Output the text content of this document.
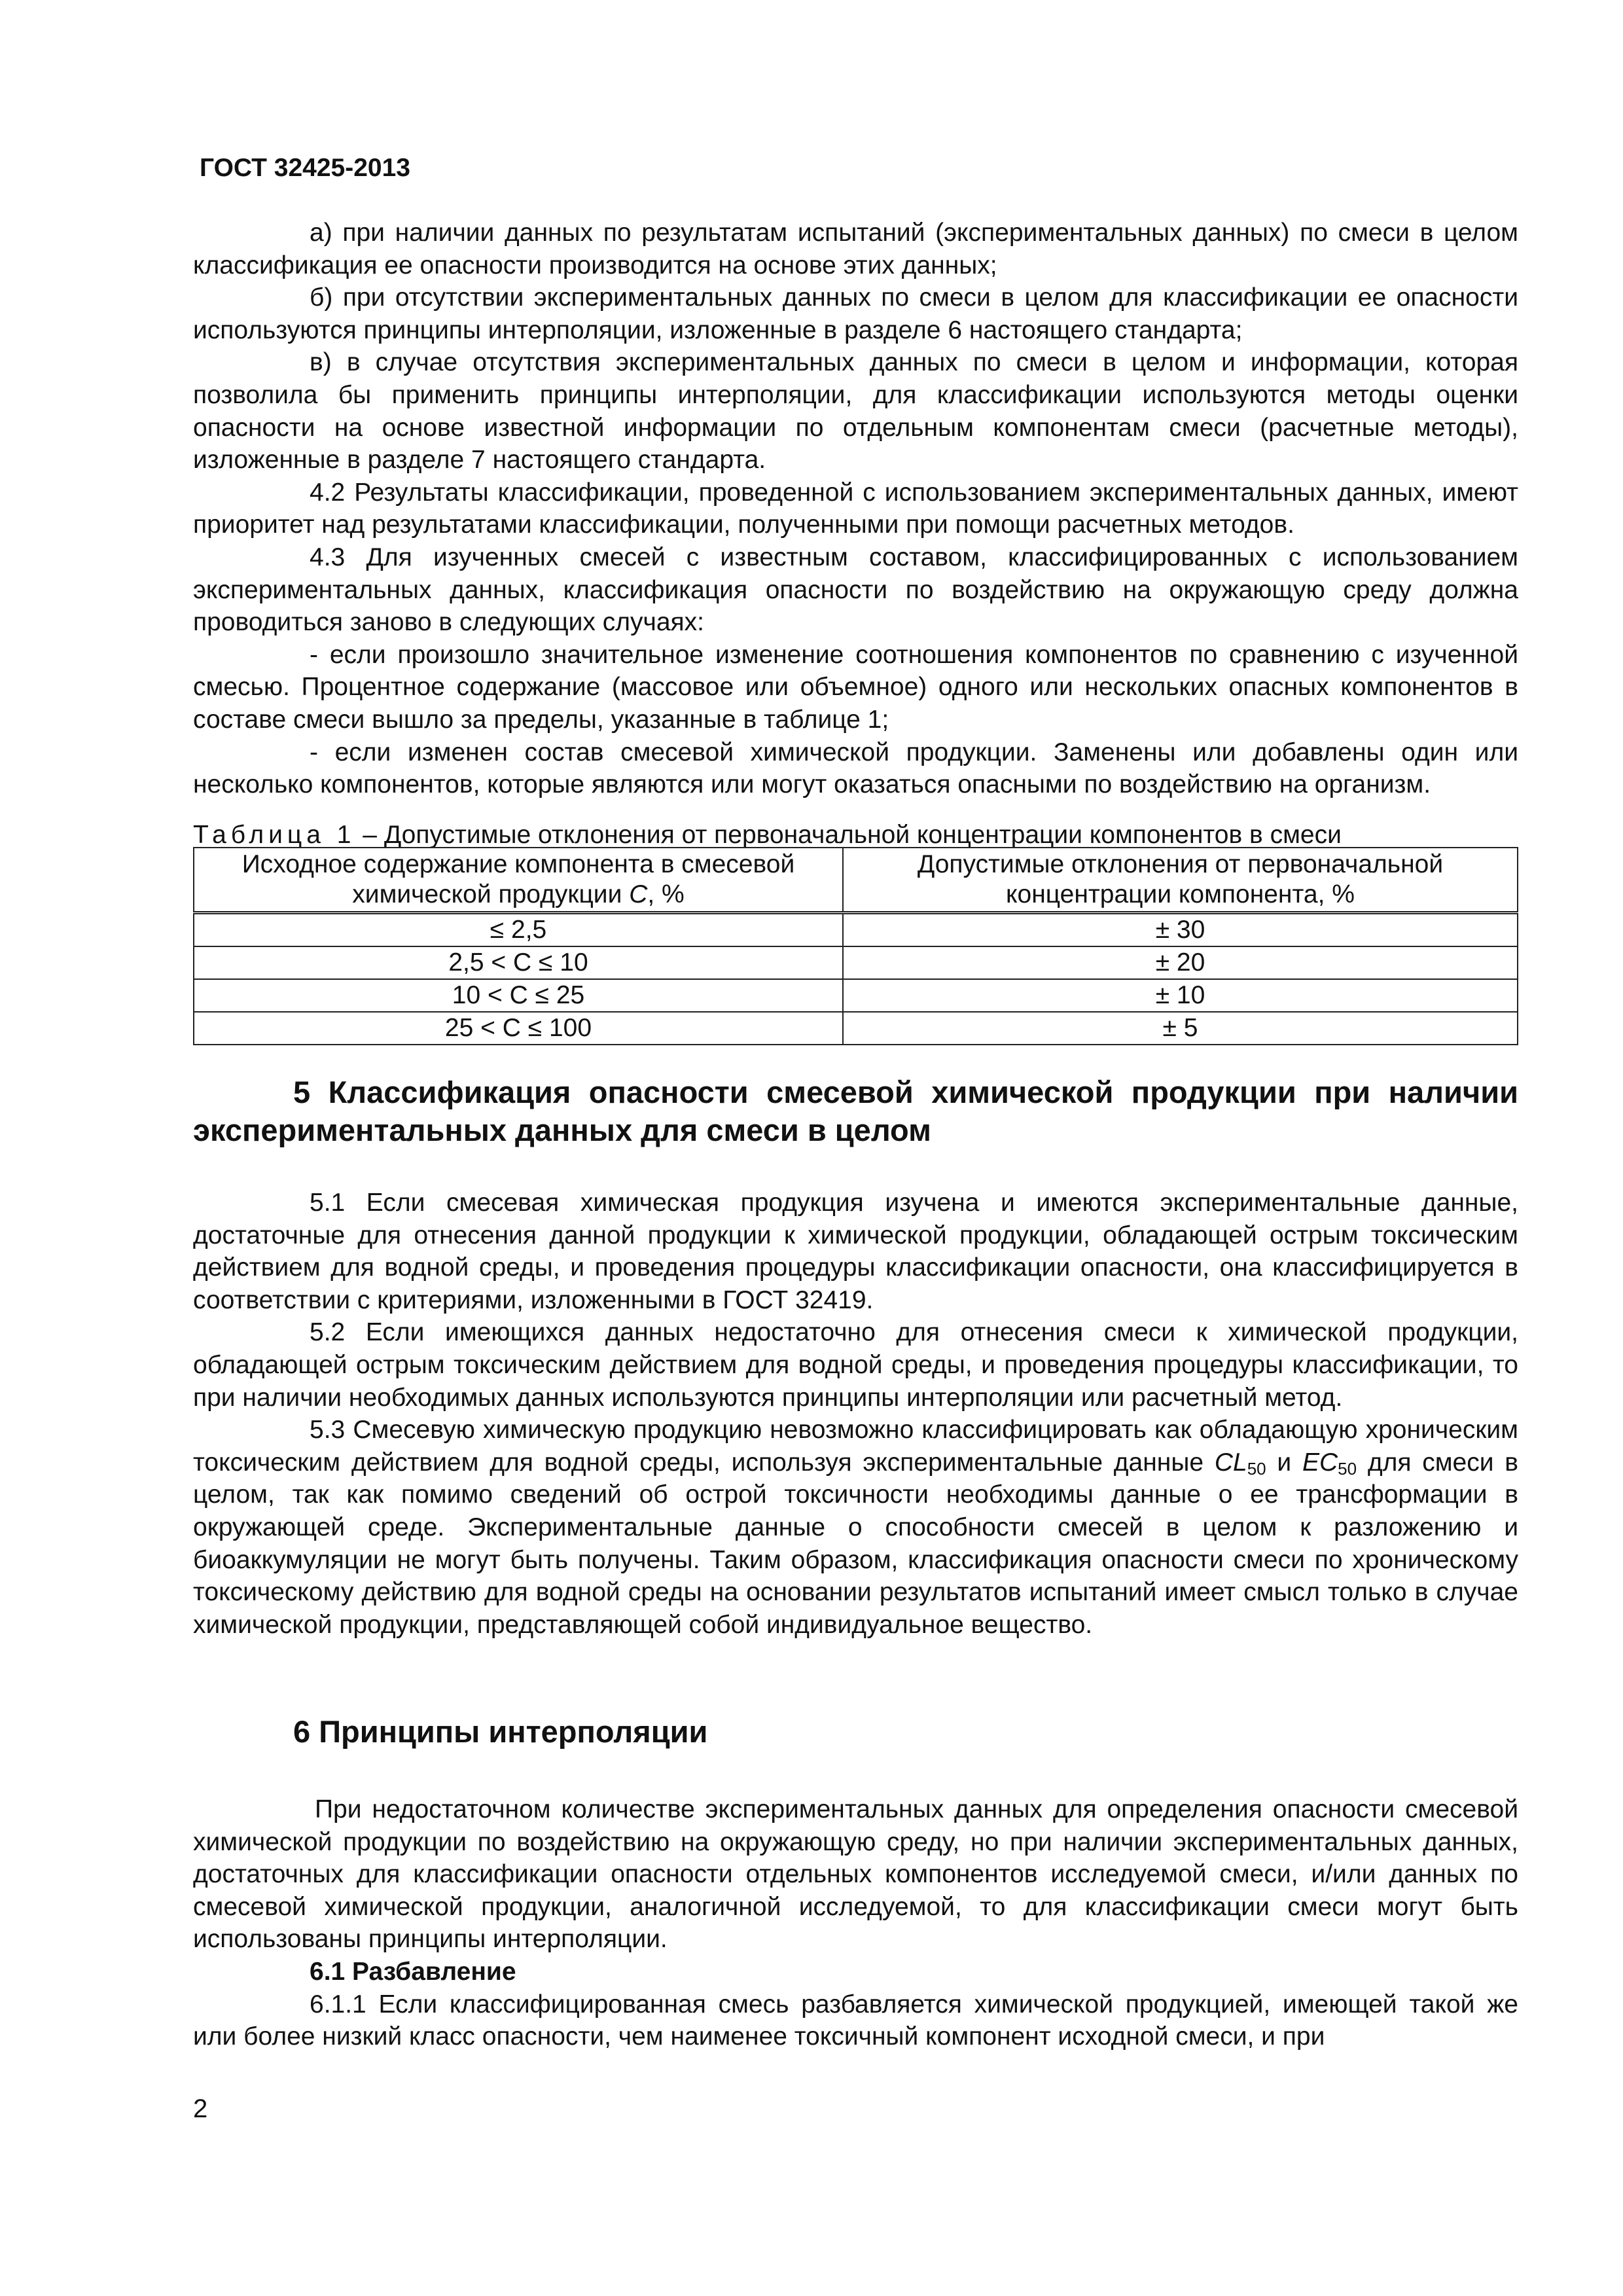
ГОСТ 32425-2013

а) при наличии данных по результатам испытаний (экспериментальных данных) по смеси в целом классификация ее опасности производится на основе этих данных;

б) при отсутствии экспериментальных данных по смеси в целом для классификации ее опасности используются принципы интерполяции, изложенные в разделе 6 настоящего стандарта;

в) в случае отсутствия экспериментальных данных по смеси в целом и информации, которая позволила бы применить принципы интерполяции, для классификации используются методы оценки опасности на основе известной информации по отдельным компонентам смеси (расчетные методы), изложенные в разделе 7 настоящего стандарта.

4.2 Результаты классификации, проведенной с использованием экспериментальных данных, имеют приоритет над результатами классификации, полученными при помощи расчетных методов.

4.3 Для изученных смесей с известным составом, классифицированных с использованием экспериментальных данных, классификация опасности по воздействию на окружающую среду должна проводиться заново в следующих случаях:

- если произошло значительное изменение соотношения компонентов по сравнению с изученной смесью. Процентное содержание (массовое или объемное) одного или нескольких опасных компонентов в составе смеси вышло за пределы, указанные в таблице 1;

- если изменен состав смесевой химической продукции. Заменены или добавлены один или несколько компонентов, которые являются или могут оказаться опасными по воздействию на организм.

Таблица 1 – Допустимые отклонения от первоначальной концентрации компонентов в смеси
Исходное содержание компонента в смесевой химической продукции С, %	Допустимые отклонения от первоначальной концентрации компонента, %
≤ 2,5	± 30
2,5 < C ≤ 10	± 20
10 < C ≤ 25	± 10
25 < C ≤ 100	± 5

5 Классификация опасности смесевой химической продукции при наличии экспериментальных данных для смеси в целом

5.1 Если смесевая химическая продукция изучена и имеются экспериментальные данные, достаточные для отнесения данной продукции к химической продукции, обладающей острым токсическим действием для водной среды, и проведения процедуры классификации опасности, она классифицируется в соответствии с критериями, изложенными в ГОСТ 32419.

5.2 Если имеющихся данных недостаточно для отнесения смеси к химической продукции, обладающей острым токсическим действием для водной среды, и проведения процедуры классификации, то при наличии необходимых данных используются принципы интерполяции или расчетный метод.

5.3 Смесевую химическую продукцию невозможно классифицировать как обладающую хроническим токсическим действием для водной среды, используя экспериментальные данные $CL_{50}$ и $EC_{50}$ для смеси в целом, так как помимо сведений об острой токсичности необходимы данные о ее трансформации в окружающей среде. Экспериментальные данные о способности смесей в целом к разложению и биоаккумуляции не могут быть получены. Таким образом, классификация опасности смеси по хроническому токсическому действию для водной среды на основании результатов испытаний имеет смысл только в случае химической продукции, представляющей собой индивидуальное вещество.

6 Принципы интерполяции

При недостаточном количестве экспериментальных данных для определения опасности смесевой химической продукции по воздействию на окружающую среду, но при наличии экспериментальных данных, достаточных для классификации опасности отдельных компонентов исследуемой смеси, и/или данных по смесевой химической продукции, аналогичной исследуемой, то для классификации смеси могут быть использованы принципы интерполяции.

6.1 Разбавление

6.1.1 Если классифицированная смесь разбавляется химической продукцией, имеющей такой же или более низкий класс опасности, чем наименее токсичный компонент исходной смеси, и при

2
